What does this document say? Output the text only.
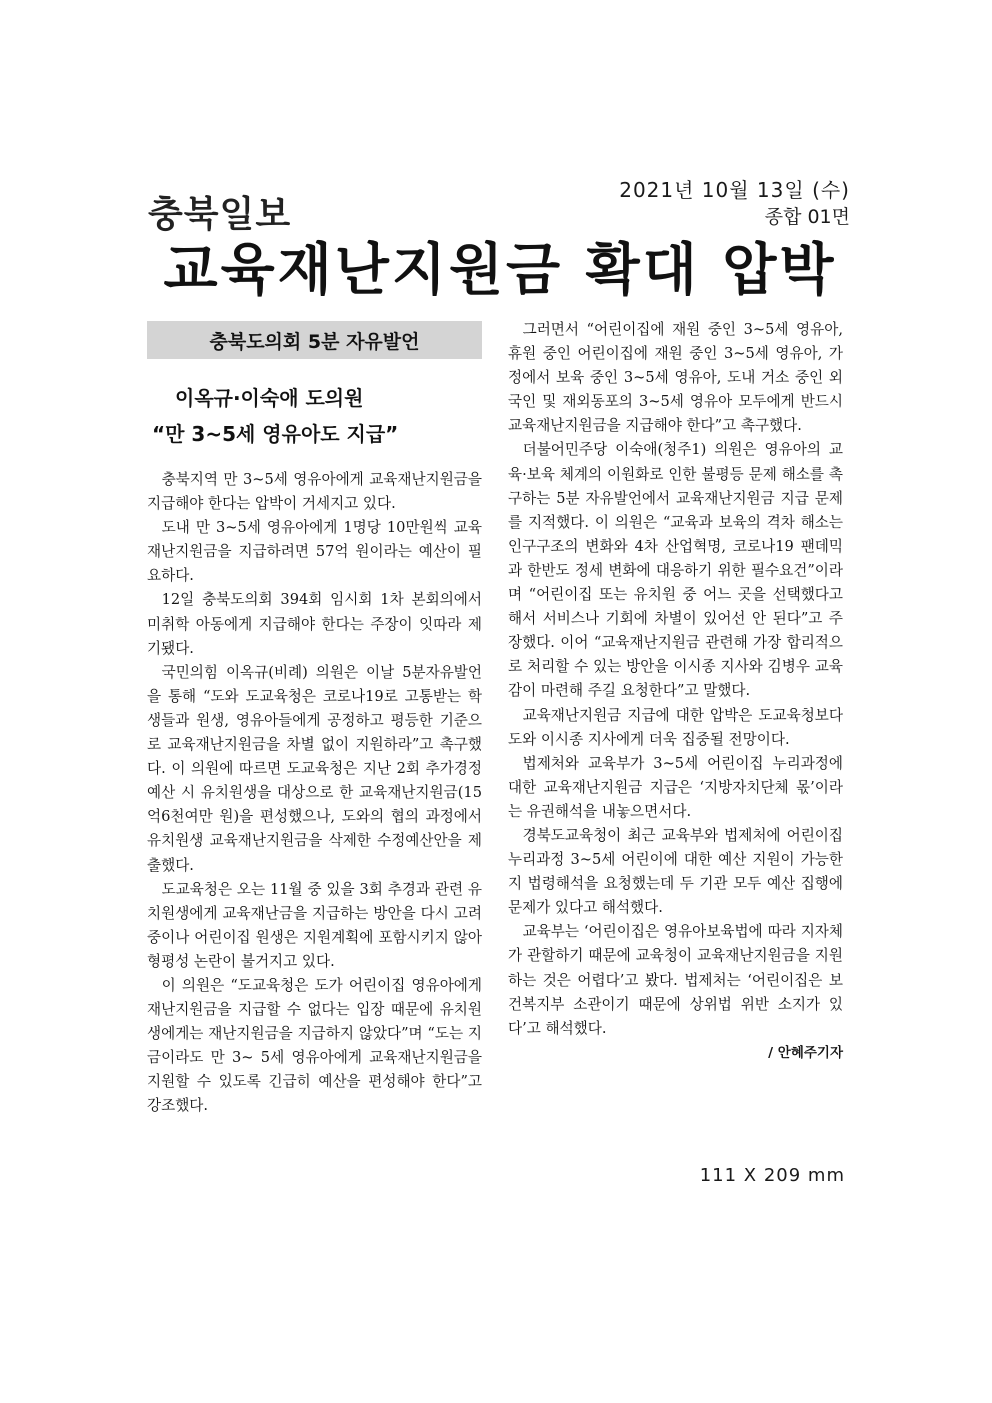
2021년 10월 13일 (수)
종합 01면
충북일보
교육재난지원금 확대 압박
충북도의회 5분 자유발언
이옥규·이숙애 도의원
“만 3~5세 영유아도 지급”

충북지역 만 3~5세 영유아에게 교육재난지원금을 지급해야 한다는 압박이 거세지고 있다.

도내 만 3~5세 영유아에게 1명당 10만원씩 교육재난지원금을 지급하려면 57억 원이라는 예산이 필요하다.

12일 충북도의회 394회 임시회 1차 본회의에서 미취학 아동에게 지급해야 한다는 주장이 잇따라 제기됐다.

국민의힘 이옥규(비례) 의원은 이날 5분자유발언을 통해 “도와 도교육청은 코로나19로 고통받는 학생들과 원생, 영유아들에게 공정하고 평등한 기준으로 교육재난지원금을 차별 없이 지원하라”고 촉구했다. 이 의원에 따르면 도교육청은 지난 2회 추가경정예산 시 유치원생을 대상으로 한 교육재난지원금(15억6천여만 원)을 편성했으나, 도와의 협의 과정에서 유치원생 교육재난지원금을 삭제한 수정예산안을 제출했다.

도교육청은 오는 11월 중 있을 3회 추경과 관련 유치원생에게 교육재난금을 지급하는 방안을 다시 고려 중이나 어린이집 원생은 지원계획에 포함시키지 않아 형평성 논란이 불거지고 있다.

이 의원은 “도교육청은 도가 어린이집 영유아에게 재난지원금을 지급할 수 없다는 입장 때문에 유치원생에게는 재난지원금을 지급하지 않았다”며 “도는 지금이라도 만 3~ 5세 영유아에게 교육재난지원금을 지원할 수 있도록 긴급히 예산을 편성해야 한다”고 강조했다.

그러면서 “어린이집에 재원 중인 3~5세 영유아, 휴원 중인 어린이집에 재원 중인 3~5세 영유아, 가정에서 보육 중인 3~5세 영유아, 도내 거소 중인 외국인 및 재외동포의 3~5세 영유아 모두에게 반드시 교육재난지원금을 지급해야 한다”고 촉구했다.

더불어민주당 이숙애(청주1) 의원은 영유아의 교육·보육 체계의 이원화로 인한 불평등 문제 해소를 촉구하는 5분 자유발언에서 교육재난지원금 지급 문제를 지적했다. 이 의원은 “교육과 보육의 격차 해소는 인구구조의 변화와 4차 산업혁명, 코로나19 팬데믹과 한반도 정세 변화에 대응하기 위한 필수요건”이라며 “어린이집 또는 유치원 중 어느 곳을 선택했다고 해서 서비스나 기회에 차별이 있어선 안 된다”고 주장했다. 이어 “교육재난지원금 관련해 가장 합리적으로 처리할 수 있는 방안을 이시종 지사와 김병우 교육감이 마련해 주길 요청한다”고 말했다.

교육재난지원금 지급에 대한 압박은 도교육청보다 도와 이시종 지사에게 더욱 집중될 전망이다.

법제처와 교육부가 3~5세 어린이집 누리과정에 대한 교육재난지원금 지급은 ‘지방자치단체 몫’이라는 유권해석을 내놓으면서다.

경북도교육청이 최근 교육부와 법제처에 어린이집 누리과정 3~5세 어린이에 대한 예산 지원이 가능한지 법령해석을 요청했는데 두 기관 모두 예산 집행에 문제가 있다고 해석했다.

교육부는 ‘어린이집은 영유아보육법에 따라 지자체가 관할하기 때문에 교육청이 교육재난지원금을 지원하는 것은 어렵다’고 봤다. 법제처는 ‘어린이집은 보건복지부 소관이기 때문에 상위법 위반 소지가 있다’고 해석했다.

/ 안혜주기자
111 X 209 mm
